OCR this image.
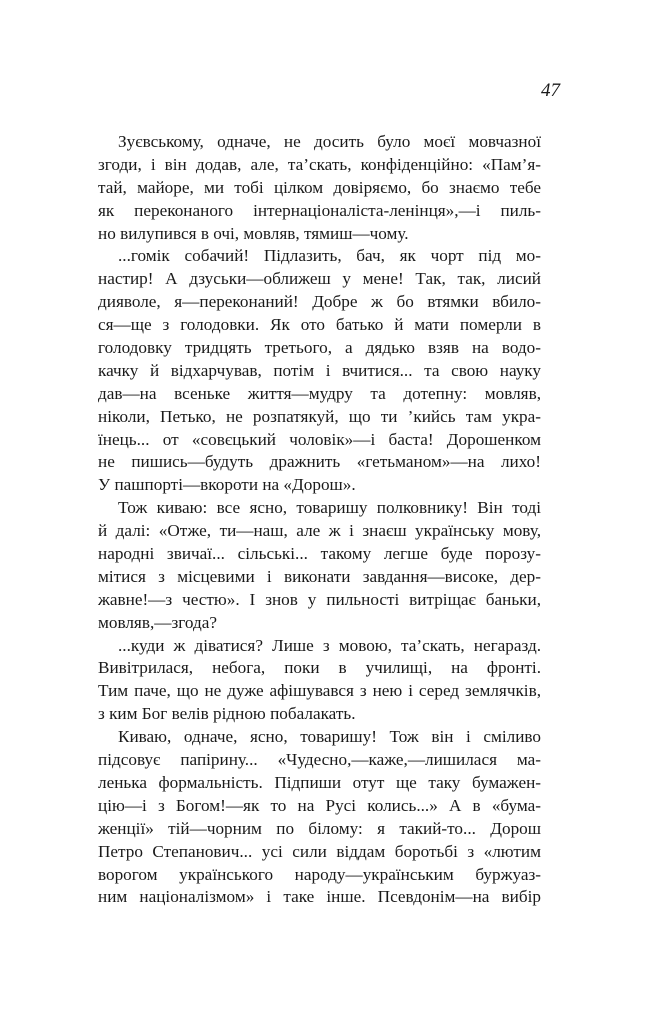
47
Зуєвському, одначе, не досить було моєї мовчазної
згоди, і він додав, але, та’скать, конфіденційно: «Пам’я-
тай, майоре, ми тобі цілком довіряємо, бо знаємо тебе
як переконаного інтернаціоналіста-ленінця»,—і пиль-
но вилупився в очі, мовляв, тямиш—чому.
...гомік собачий! Підлазить, бач, як чорт під мо-
настир! А дзуськи—оближеш у мене! Так, так, лисий
дияволе, я—переконаний! Добре ж бо втямки вбило-
ся—ще з голодовки. Як ото батько й мати померли в
голодовку тридцять третього, а дядько взяв на водо-
качку й відхарчував, потім і вчитися... та свою науку
дав—на всеньке життя—мудру та дотепну: мовляв,
ніколи, Петько, не розпатякуй, що ти ’кийсь там укра-
їнець... от «совєцький чоловік»—і баста! Дорошенком
не пишись—будуть дражнить «гетьманом»—на лихо!
У пашпорті—вкороти на «Дорош».
Тож киваю: все ясно, товаришу полковнику! Він тоді
й далі: «Отже, ти—наш, але ж і знаєш українську мову,
народні звичаї... сільські... такому легше буде порозу-
мітися з місцевими і виконати завдання—високе, дер-
жавне!—з честю». І знов у пильності витріщає баньки,
мовляв,—згода?
...куди ж діватися? Лише з мовою, та’скать, негаразд.
Вивітрилася, небога, поки в училищі, на фронті.
Тим паче, що не дуже афішувався з нею і серед землячків,
з ким Бог велів рідною побалакать.
Киваю, одначе, ясно, товаришу! Тож він і сміливо
підсовує папірину... «Чудесно,—каже,—лишилася ма-
ленька формальність. Підпиши отут ще таку бумажен-
цію—і з Богом!—як то на Русі колись...» А в «бума-
женції» тій—чорним по білому: я такий-то... Дорош
Петро Степанович... усі сили віддам боротьбі з «лютим
ворогом українського народу—українським буржуаз-
ним націоналізмом» і таке інше. Псевдонім—на вибір
